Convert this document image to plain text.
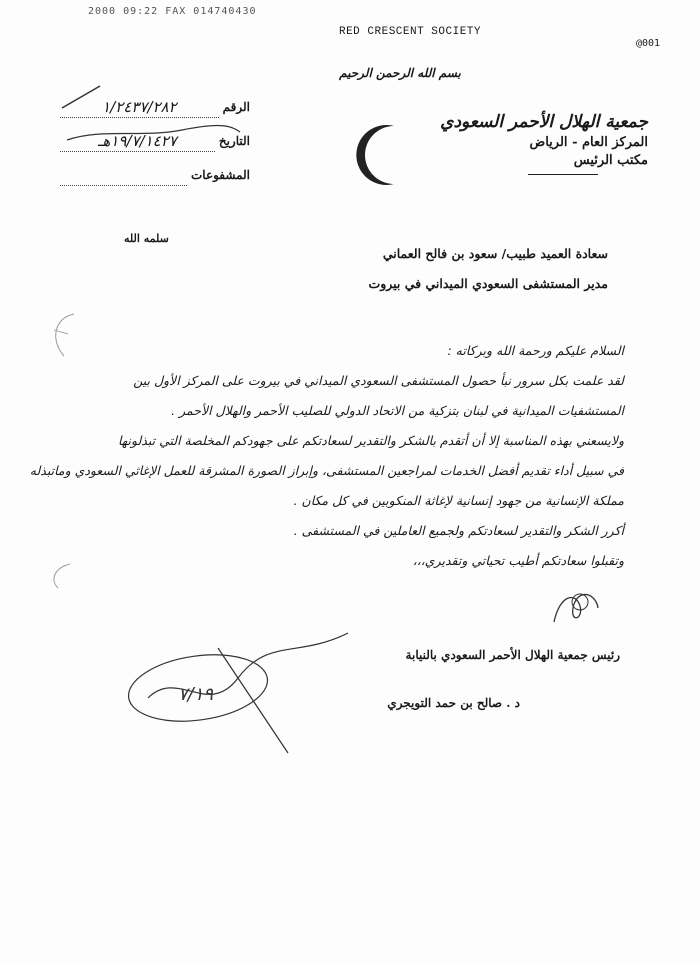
2000 09:22 FAX 014740430
RED CRESCENT SOCIETY
@001
بسم الله الرحمن الرحيم
جمعية الهلال الأحمر السعودي
المركز العام - الرياض
مكتب الرئيس
الرقم
١/٢٤٣٧/٢٨٢
التاريخ
١٩/٧/١٤٢٧هـ
المشفوعات
سعادة العميد طبيب/ سعود بن فالح العماني
سلمه الله
مدير المستشفى السعودي الميداني في بيروت

السلام عليكم ورحمة الله وبركاته :

لقد علمت بكل سرور نبأ حصول المستشفى السعودي الميداني في بيروت على المركز الأول بين

المستشفيات الميدانية في لبنان بتزكية من الاتحاد الدولي للصليب الأحمر والهلال الأحمر .

ولايسعني بهذه المناسبة إلا أن أتقدم بالشكر والتقدير لسعادتكم على جهودكم المخلصة التي تبذلونها

في سبيل أداء تقديم أفضل الخدمات لمراجعين المستشفى، وإبراز الصورة المشرقة للعمل الإغاثي السعودي وماتبذله

مملكة الإنسانية من جهود إنسانية لإغاثة المنكوبين في كل مكان .

أكرر الشكر والتقدير لسعادتكم ولجميع العاملين في المستشفى .

وتقبلوا سعادتكم أطيب تحياتي وتقديري،،،

رئيس جمعية الهلال الأحمر السعودي بالنيابة
د . صالح بن حمد التويجري
٧/١٩
